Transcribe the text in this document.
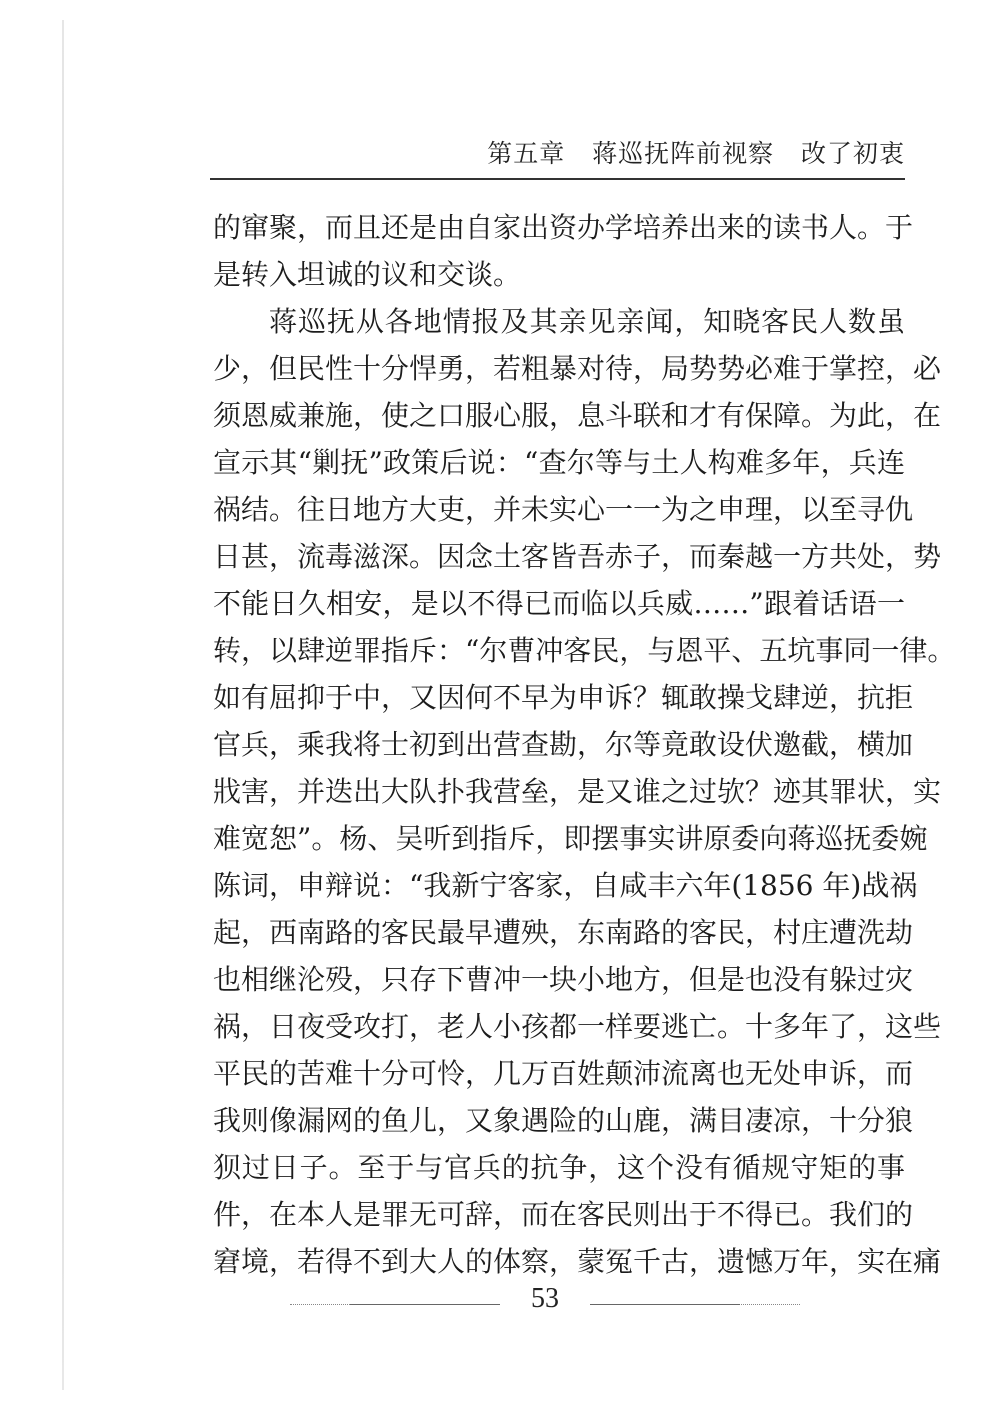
第五章 蒋巡抚阵前视察 改了初衷
的窜聚，而且还是由自家出资办学培养出来的读书人。于
是转入坦诚的议和交谈。
蒋巡抚从各地情报及其亲见亲闻，知晓客民人数虽
少，但民性十分悍勇，若粗暴对待，局势势必难于掌控，必
须恩威兼施，使之口服心服，息斗联和才有保障。为此，在
宣示其“剿抚”政策后说：“查尔等与土人构难多年，兵连
祸结。往日地方大吏，并未实心一一为之申理，以至寻仇
日甚，流毒滋深。因念土客皆吾赤子，而秦越一方共处，势
不能日久相安，是以不得已而临以兵威……”跟着话语一
转，以肆逆罪指斥：“尔曹冲客民，与恩平、五坑事同一律。
如有屈抑于中，又因何不早为申诉？辄敢操戈肆逆，抗拒
官兵，乘我将士初到出营查勘，尔等竟敢设伏邀截，横加
戕害，并迭出大队扑我营垒，是又谁之过欤？迹其罪状，实
难宽恕”。杨、吴听到指斥，即摆事实讲原委向蒋巡抚委婉
陈词，申辩说：“我新宁客家，自咸丰六年(1856 年)战祸
起，西南路的客民最早遭殃，东南路的客民，村庄遭洗劫
也相继沦殁，只存下曹冲一块小地方，但是也没有躲过灾
祸，日夜受攻打，老人小孩都一样要逃亡。十多年了，这些
平民的苦难十分可怜，几万百姓颠沛流离也无处申诉，而
我则像漏网的鱼儿，又象遇险的山鹿，满目凄凉，十分狼
狈过日子。至于与官兵的抗争，这个没有循规守矩的事
件，在本人是罪无可辞，而在客民则出于不得已。我们的
窘境，若得不到大人的体察，蒙冤千古，遗憾万年，实在痛
53
